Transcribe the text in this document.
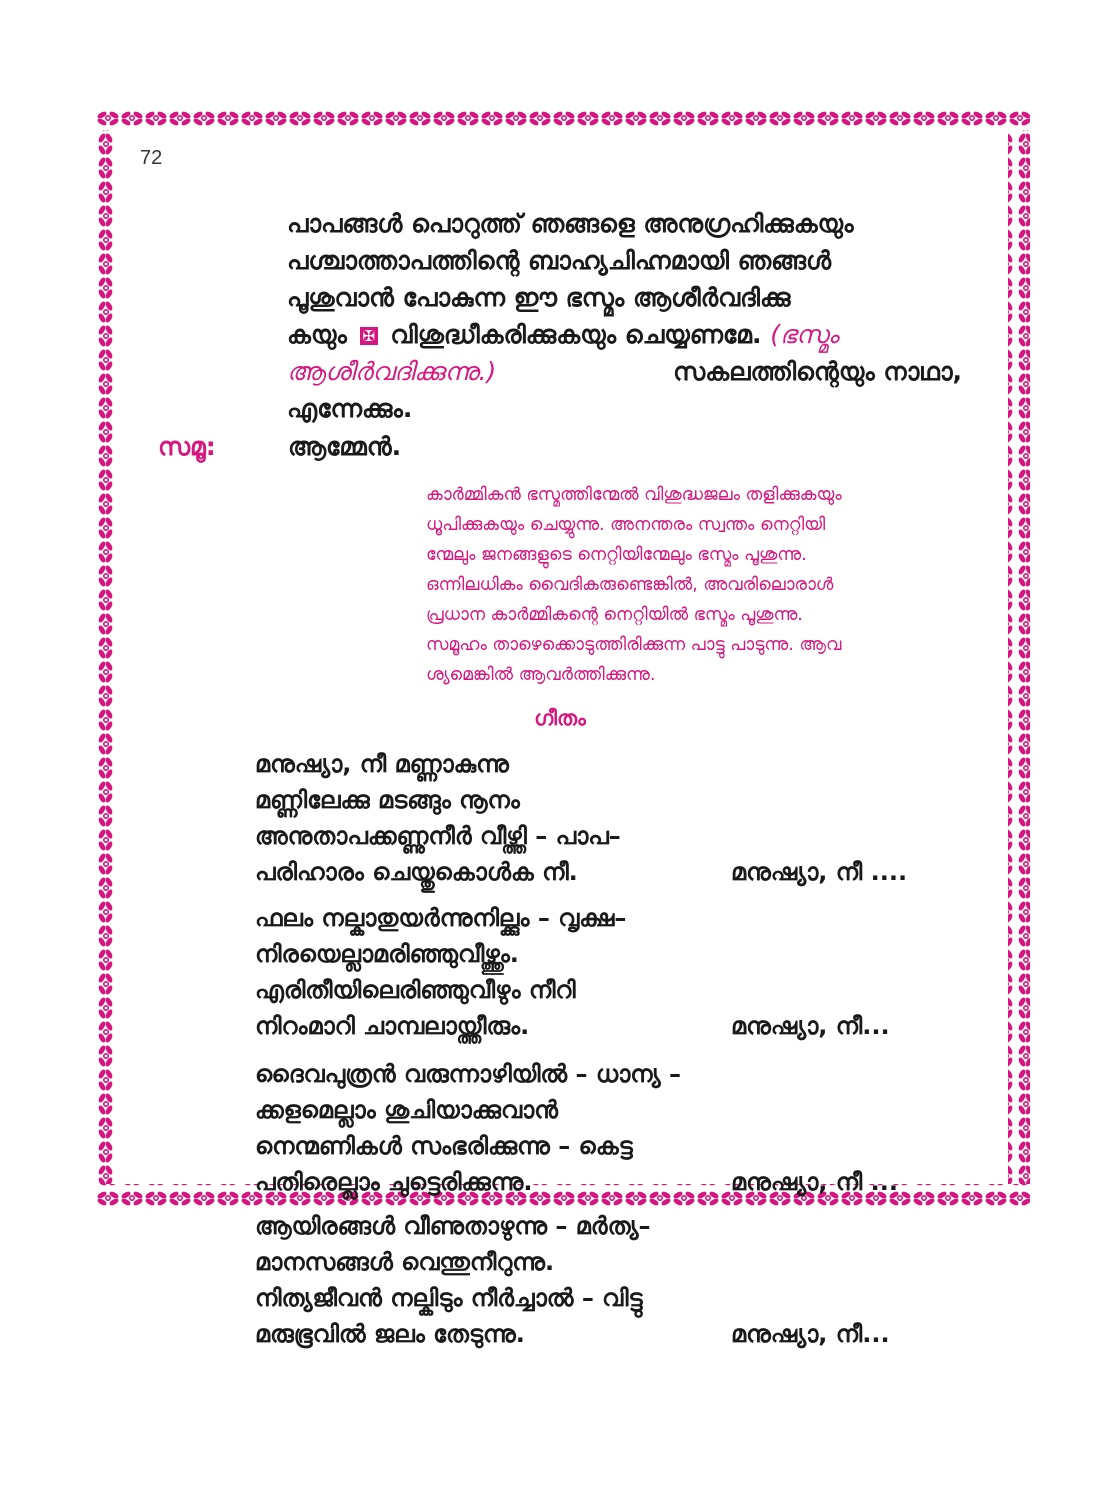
72
പാപങ്ങൾ പൊറുത്ത് ഞങ്ങളെ അനുഗ്രഹിക്കുകയും
പശ്ചാത്താപത്തിന്റെ ബാഹ്യചിഹ്നമായി ഞങ്ങൾ
പൂശുവാൻ പോകുന്ന ഈ ഭസ്മം ആശീർവദിക്കു
കയും ✠ വിശുദ്ധീകരിക്കുകയും ചെയ്യണമേ. (ഭസ്മം
ആശീർവദിക്കുന്നു.)	സകലത്തിന്റെയും നാഥാ,
എന്നേക്കും.
സമൂ:	ആമ്മേൻ.
കാർമ്മികൻ ഭസ്മത്തിന്മേൽ വിശുദ്ധജലം തളിക്കുകയും
ധൂപിക്കുകയും ചെയ്യുന്നു. അനന്തരം സ്വന്തം നെറ്റിയി
ന്മേലും ജനങ്ങളുടെ നെറ്റിയിന്മേലും ഭസ്മം പൂശുന്നു.
ഒന്നിലധികം വൈദികരുണ്ടെങ്കിൽ, അവരിലൊരാൾ
പ്രധാന കാർമ്മികന്റെ നെറ്റിയിൽ ഭസ്മം പൂശുന്നു.
സമൂഹം താഴെക്കൊടുത്തിരിക്കുന്ന പാട്ടു പാടുന്നു. ആവ
ശ്യമെങ്കിൽ ആവർത്തിക്കുന്നു.
ഗീതം
മനുഷ്യാ, നീ മണ്ണാകുന്നു
മണ്ണിലേക്കു മടങ്ങും നൂനം
അനുതാപക്കണ്ണുനീർ വീഴ്ത്തി – പാപ–
പരിഹാരം ചെയ്തുകൊൾക നീ.	മനുഷ്യാ, നീ ....
ഫലം നല്കാതുയർന്നുനില്ക്കും – വൃക്ഷ–
നിരയെല്ലാമരിഞ്ഞുവീഴ്ത്തും.
എരിതീയിലെരിഞ്ഞുവീഴും നീറി
നിറംമാറി ചാമ്പലായ്ത്തീരും.	മനുഷ്യാ, നീ...
ദൈവപുത്രൻ വരുന്നാഴിയിൽ – ധാന്യ –
ക്കളമെല്ലാം ശുചിയാക്കുവാൻ
നെന്മണികൾ സംഭരിക്കുന്നു – കെട്ട
പതിരെല്ലാം ചുട്ടെരിക്കുന്നു.	മനുഷ്യാ, നീ ...
ആയിരങ്ങൾ വീണുതാഴുന്നു – മർത്യ–
മാനസങ്ങൾ വെന്തുനീറുന്നു.
നിത്യജീവൻ നല്കിടും നീർച്ചാൽ – വിട്ടു
മരുഭൂവിൽ ജലം തേടുന്നു.	മനുഷ്യാ, നീ...
